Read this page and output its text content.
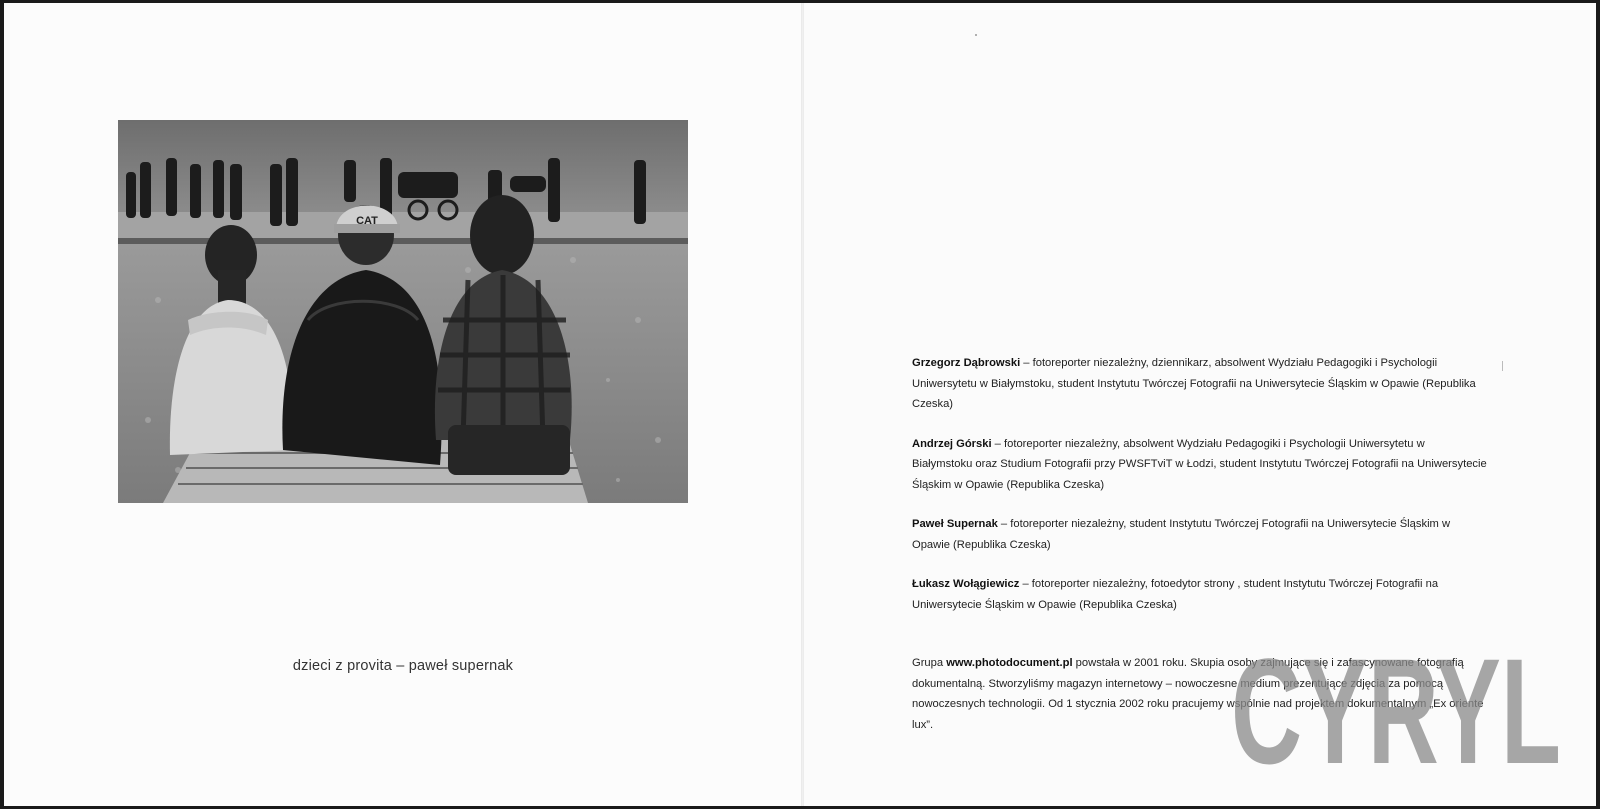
CAT
dzieci z provita – paweł supernak

Grzegorz Dąbrowski – fotoreporter niezależny, dziennikarz, absolwent Wydziału Pedagogiki i Psychologii Uniwersytetu w Białymstoku, student Instytutu Twórczej Fotografii na Uniwersytecie Śląskim w Opawie (Republika Czeska)

Andrzej Górski – fotoreporter niezależny, absolwent Wydziału Pedagogiki i Psychologii Uniwersytetu w Białymstoku oraz Studium Fotografii przy PWSFTviT w Łodzi, student Instytutu Twórczej Fotografii na Uniwersytecie Śląskim w Opawie (Republika Czeska)

Paweł Supernak – fotoreporter niezależny, student Instytutu Twórczej Fotografii na Uniwersytecie Śląskim w Opawie (Republika Czeska)

Łukasz Wołągiewicz – fotoreporter niezależny, fotoedytor strony , student Instytutu Twórczej Fotografii na Uniwersytecie Śląskim w Opawie (Republika Czeska)

Grupa www.photodocument.pl powstała w 2001 roku. Skupia osoby zajmujące się i zafascynowane fotografią dokumentalną. Stworzyliśmy magazyn internetowy – nowoczesne medium prezentujące zdjęcia za pomocą nowoczesnych technologii. Od 1 stycznia 2002 roku pracujemy wspólnie nad projektem dokumentalnym „Ex oriente lux”.	CYRYL
